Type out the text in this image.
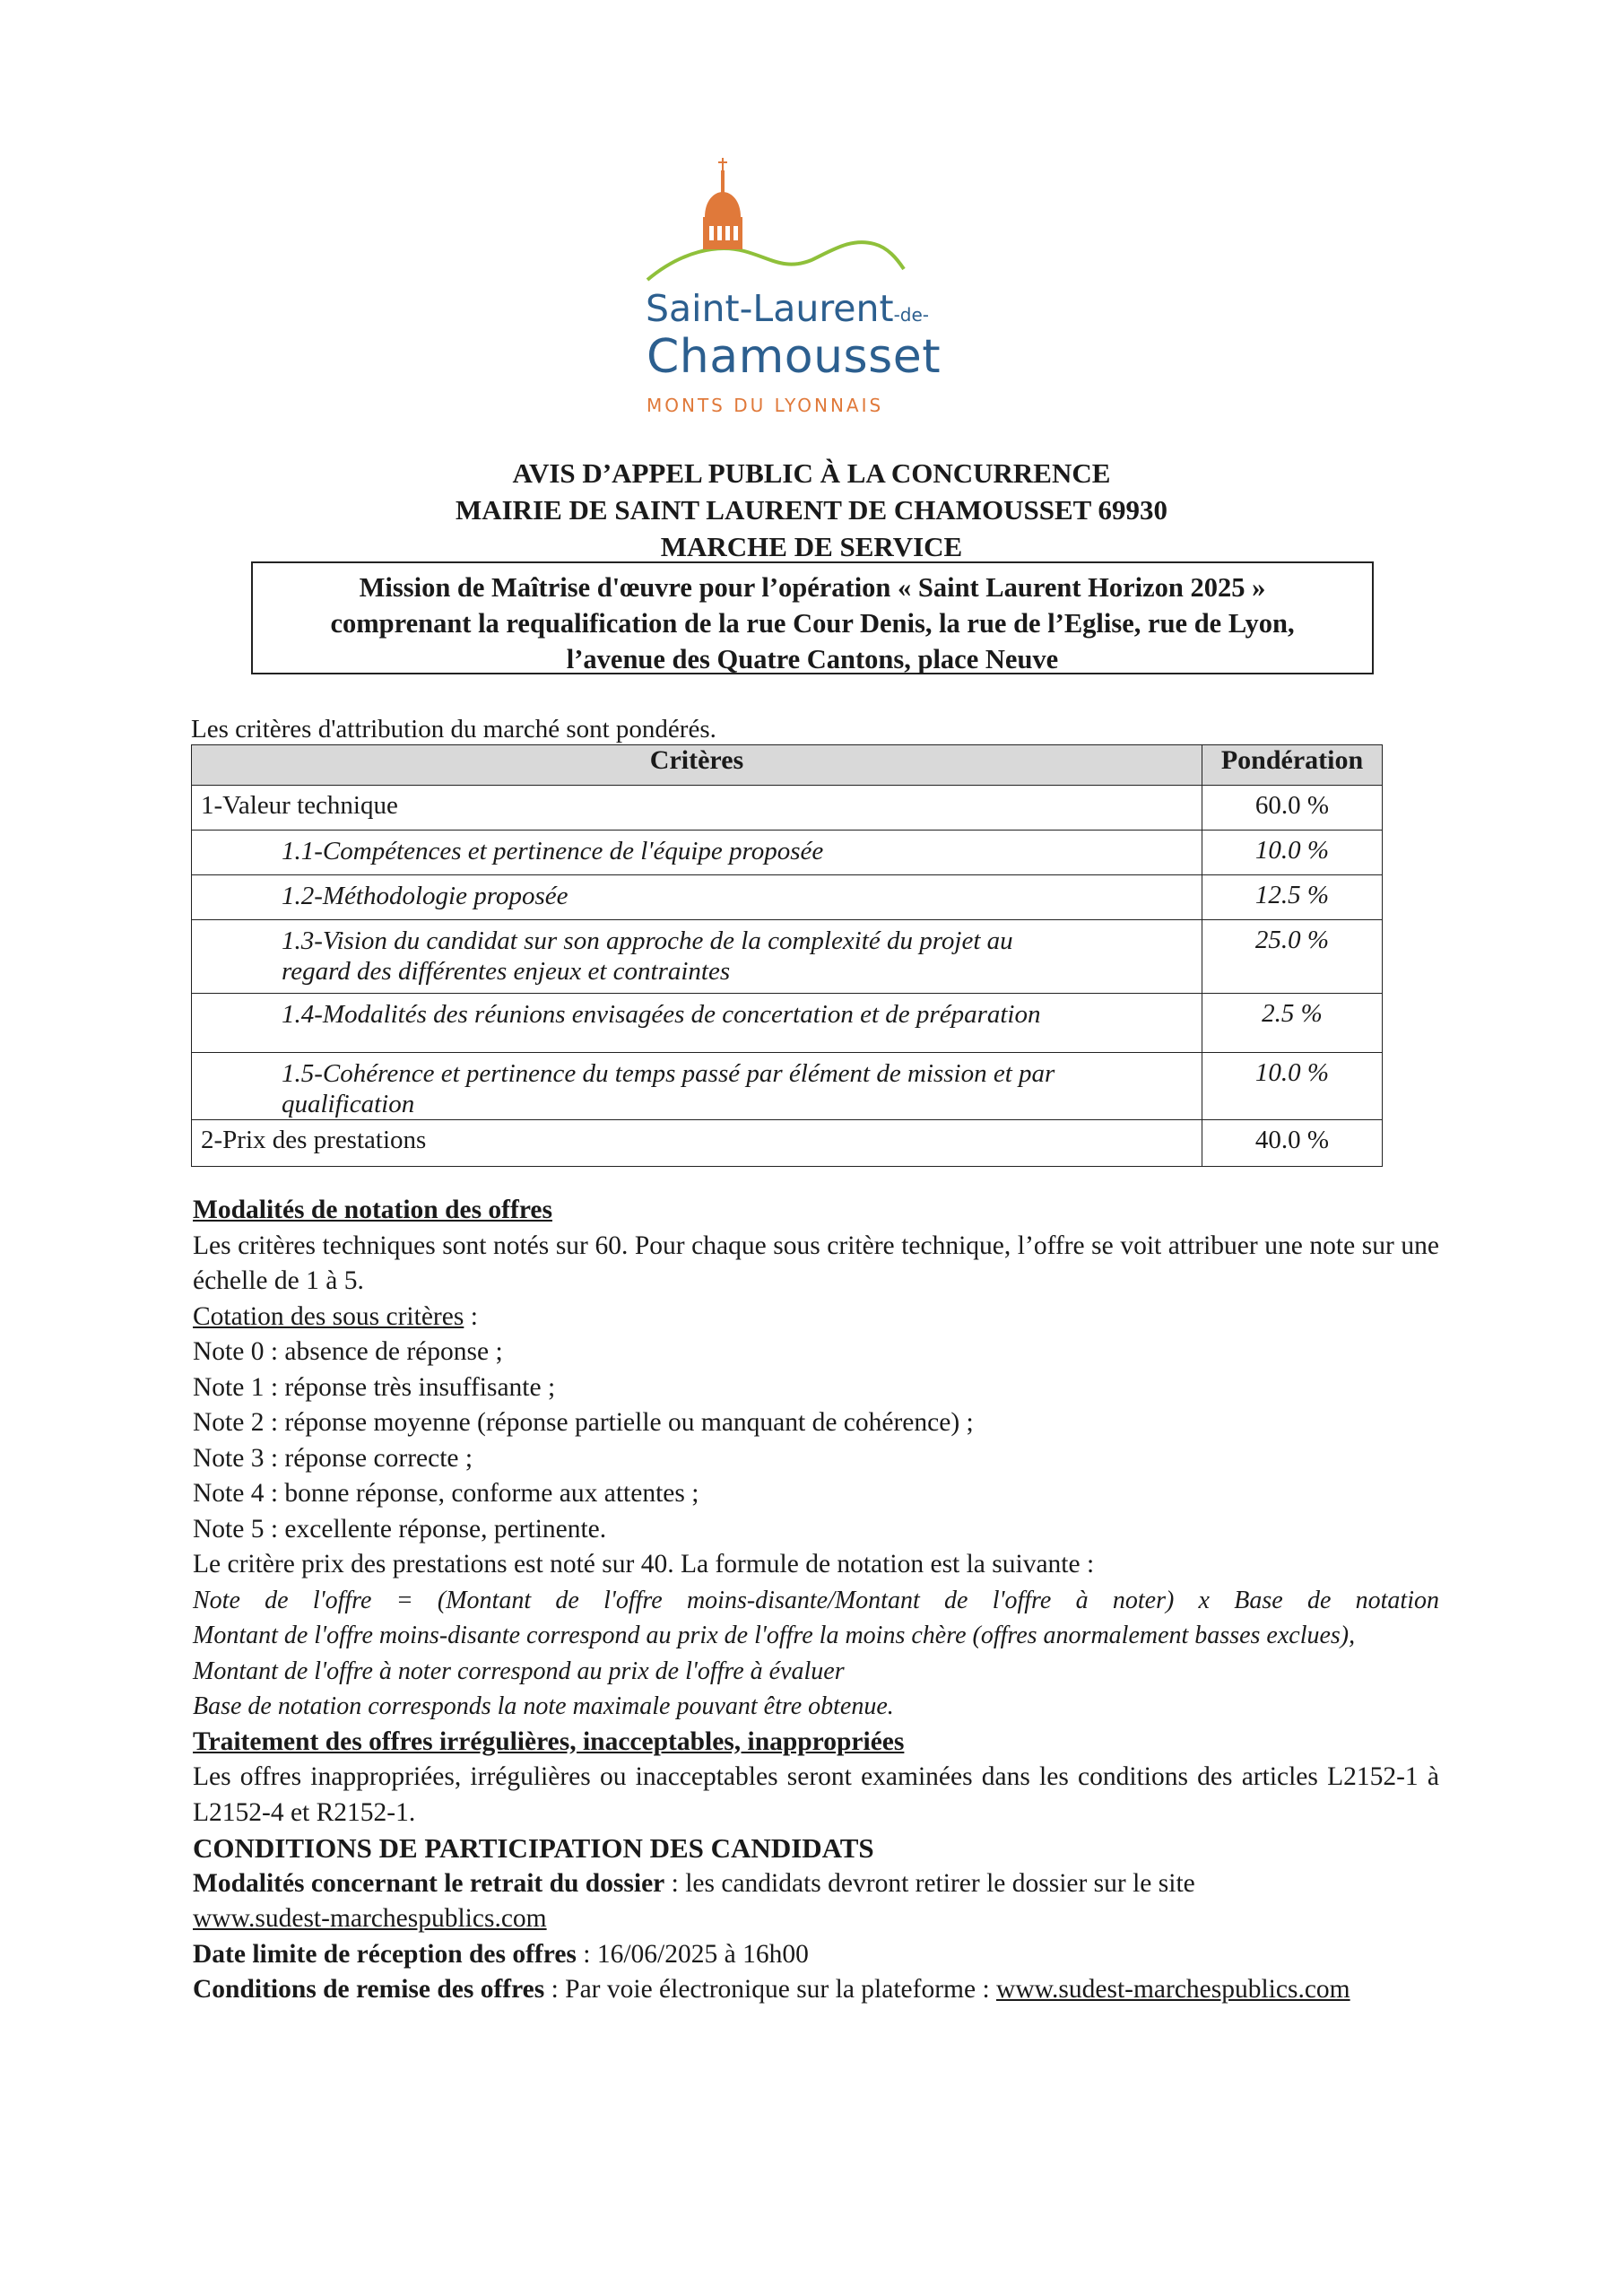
Saint-Laurent-de-
Chamousset
MONTS DU LYONNAIS
AVIS D’APPEL PUBLIC À LA CONCURRENCE
MAIRIE DE SAINT LAURENT DE CHAMOUSSET 69930
MARCHE DE SERVICE
Mission de Maîtrise d'œuvre pour l’opération « Saint Laurent Horizon 2025 »
comprenant la requalification de la rue Cour Denis, la rue de l’Eglise, rue de Lyon,
l’avenue des Quatre Cantons, place Neuve
Les critères d'attribution du marché sont pondérés.
Critères	Pondération
1-Valeur technique	60.0 %
1.1-Compétences et pertinence de l'équipe proposée	10.0 %
1.2-Méthodologie proposée	12.5 %
1.3-Vision du candidat sur son approche de la complexité du projet au regard des différentes enjeux et contraintes	25.0 %
1.4-Modalités des réunions envisagées de concertation et de préparation	2.5 %
1.5-Cohérence et pertinence du temps passé par élément de mission et par qualification	10.0 %
2-Prix des prestations	40.0 %

Modalités de notation des offres

Les critères techniques sont notés sur 60. Pour chaque sous critère technique, l’offre se voit attribuer une note sur une échelle de 1 à 5.

Cotation des sous critères :

Note 0 : absence de réponse ;

Note 1 : réponse très insuffisante ;

Note 2 : réponse moyenne (réponse partielle ou manquant de cohérence) ;

Note 3 : réponse correcte ;

Note 4 : bonne réponse, conforme aux attentes ;

Note 5 : excellente réponse, pertinente.

Le critère prix des prestations est noté sur 40. La formule de notation est la suivante :

Note de l'offre = (Montant de l'offre moins-disante/Montant de l'offre à noter) x Base de notation

Montant de l'offre moins-disante correspond au prix de l'offre la moins chère (offres anormalement basses exclues),

Montant de l'offre à noter correspond au prix de l'offre à évaluer

Base de notation corresponds la note maximale pouvant être obtenue.

Traitement des offres irrégulières, inacceptables, inappropriées

Les offres inappropriées, irrégulières ou inacceptables seront examinées dans les conditions des articles L2152-1 à L2152-4 et R2152-1.

CONDITIONS DE PARTICIPATION DES CANDIDATS

Modalités concernant le retrait du dossier : les candidats devront retirer le dossier sur le site
www.sudest-marchespublics.com

Date limite de réception des offres : 16/06/2025 à 16h00

Conditions de remise des offres : Par voie électronique sur la plateforme : www.sudest-marchespublics.com
